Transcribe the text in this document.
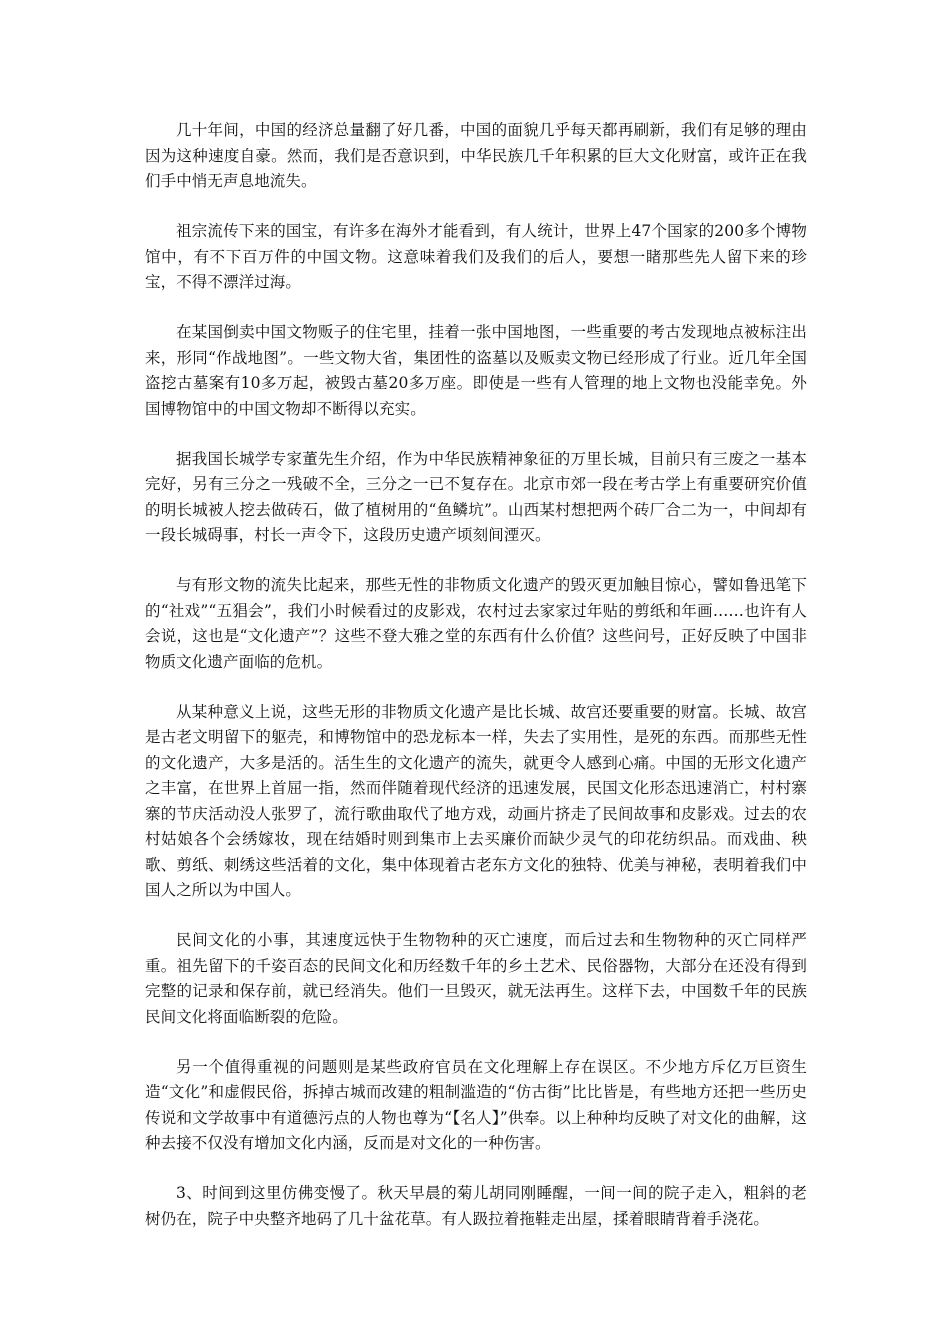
几十年间，中国的经济总量翻了好几番，中国的面貌几乎每天都再刷新，我们有足够的理由因为这种速度自豪。然而，我们是否意识到，中华民族几千年积累的巨大文化财富，或许正在我们手中悄无声息地流失。

祖宗流传下来的国宝，有许多在海外才能看到，有人统计，世界上47个国家的200多个博物馆中，有不下百万件的中国文物。这意味着我们及我们的后人，要想一睹那些先人留下来的珍宝，不得不漂洋过海。

在某国倒卖中国文物贩子的住宅里，挂着一张中国地图，一些重要的考古发现地点被标注出来，形同“作战地图”。一些文物大省，集团性的盗墓以及贩卖文物已经形成了行业。近几年全国盗挖古墓案有10多万起，被毁古墓20多万座。即使是一些有人管理的地上文物也没能幸免。外国博物馆中的中国文物却不断得以充实。

据我国长城学专家董先生介绍，作为中华民族精神象征的万里长城，目前只有三废之一基本完好，另有三分之一残破不全，三分之一已不复存在。北京市郊一段在考古学上有重要研究价值的明长城被人挖去做砖石，做了植树用的“鱼鳞坑”。山西某村想把两个砖厂合二为一，中间却有一段长城碍事，村长一声令下，这段历史遗产顷刻间湮灭。

与有形文物的流失比起来，那些无性的非物质文化遗产的毁灭更加触目惊心，譬如鲁迅笔下的“社戏”“五猖会”，我们小时候看过的皮影戏，农村过去家家过年贴的剪纸和年画……也许有人会说，这也是“文化遗产”？这些不登大雅之堂的东西有什么价值？这些问号，正好反映了中国非物质文化遗产面临的危机。

从某种意义上说，这些无形的非物质文化遗产是比长城、故宫还要重要的财富。长城、故宫是古老文明留下的躯壳，和博物馆中的恐龙标本一样，失去了实用性，是死的东西。而那些无性的文化遗产，大多是活的。活生生的文化遗产的流失，就更令人感到心痛。中国的无形文化遗产之丰富，在世界上首屈一指，然而伴随着现代经济的迅速发展，民国文化形态迅速消亡，村村寨寨的节庆活动没人张罗了，流行歌曲取代了地方戏，动画片挤走了民间故事和皮影戏。过去的农村姑娘各个会绣嫁妆，现在结婚时则到集市上去买廉价而缺少灵气的印花纺织品。而戏曲、秧歌、剪纸、刺绣这些活着的文化，集中体现着古老东方文化的独特、优美与神秘，表明着我们中国人之所以为中国人。

民间文化的小事，其速度远快于生物物种的灭亡速度，而后过去和生物物种的灭亡同样严重。祖先留下的千姿百态的民间文化和历经数千年的乡土艺术、民俗器物，大部分在还没有得到完整的记录和保存前，就已经消失。他们一旦毁灭，就无法再生。这样下去，中国数千年的民族民间文化将面临断裂的危险。

另一个值得重视的问题则是某些政府官员在文化理解上存在误区。不少地方斥亿万巨资生造“文化”和虚假民俗，拆掉古城而改建的粗制滥造的“仿古街”比比皆是，有些地方还把一些历史传说和文学故事中有道德污点的人物也尊为“【名人】”供奉。以上种种均反映了对文化的曲解，这种去接不仅没有增加文化内涵，反而是对文化的一种伤害。

3、时间到这里仿佛变慢了。秋天早晨的菊儿胡同刚睡醒，一间一间的院子走入，粗斜的老树仍在，院子中央整齐地码了几十盆花草。有人趿拉着拖鞋走出屋，揉着眼睛背着手浇花。
